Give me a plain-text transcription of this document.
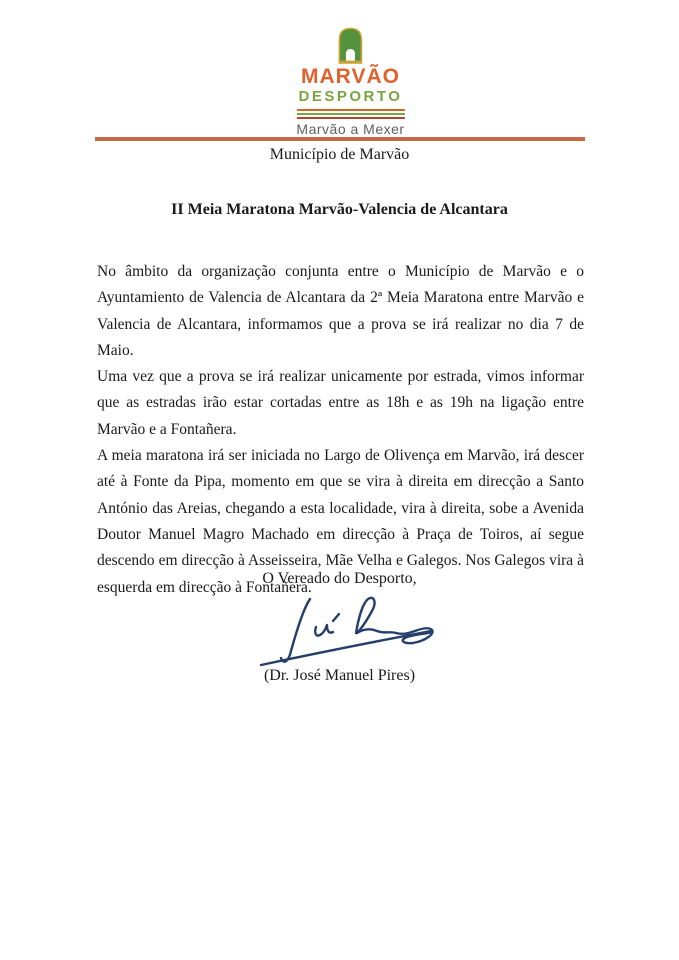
MARVÃO
DESPORTO
Marvão a Mexer
Município de Marvão
II Meia Maratona Marvão-Valencia de Alcantara

No âmbito da organização conjunta entre o Município de Marvão e o Ayuntamiento de Valencia de Alcantara da 2ª Meia Maratona entre Marvão e Valencia de Alcantara, informamos que a prova se irá realizar no dia 7 de Maio.

Uma vez que a prova se irá realizar unicamente por estrada, vimos informar que as estradas irão estar cortadas entre as 18h e as 19h na ligação entre Marvão e a Fontañera.

A meia maratona irá ser iniciada no Largo de Olivença em Marvão, irá descer até à Fonte da Pipa, momento em que se vira à direita em direcção a Santo António das Areias, chegando a esta localidade, vira à direita, sobe a Avenida Doutor Manuel Magro Machado em direcção à Praça de Toiros, aí segue descendo em direcção à Asseisseira, Mãe Velha e Galegos. Nos Galegos vira à esquerda em direcção à Fontañera.

O Vereado do Desporto,
(Dr. José Manuel Pires)
